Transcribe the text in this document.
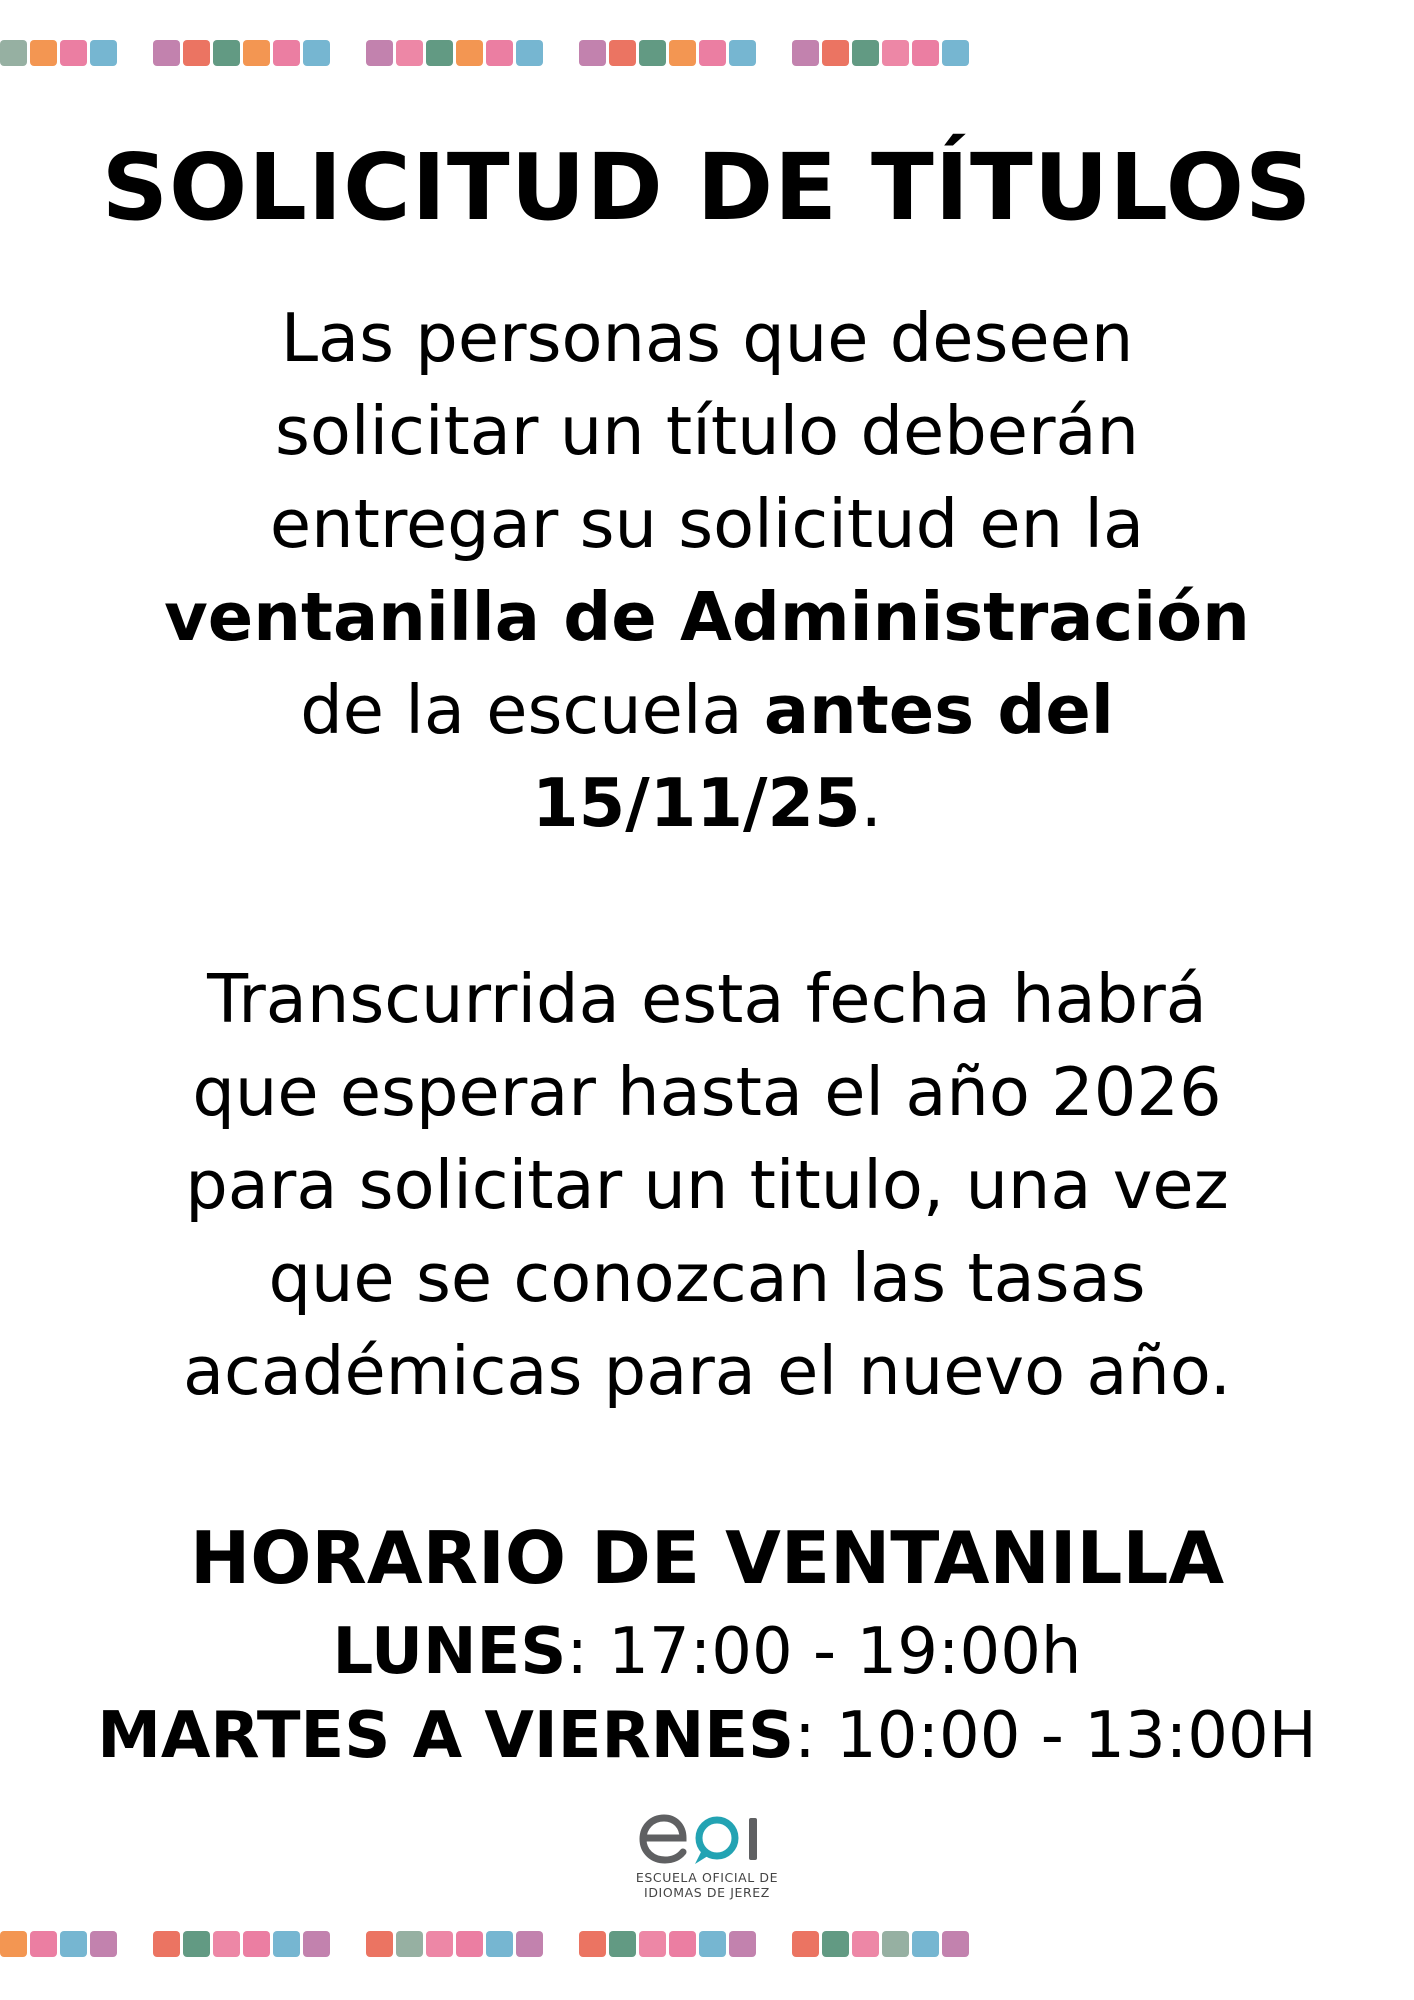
SOLICITUD DE TÍTULOS
Las personas que deseen
solicitar un título deberán
entregar su solicitud en la
ventanilla de Administración
de la escuela antes del
15/11/25.
Transcurrida esta fecha habrá
que esperar hasta el año 2026
para solicitar un titulo, una vez
que se conozcan las tasas
académicas para el nuevo año.
HORARIO DE VENTANILLA
LUNES: 17:00 - 19:00h
MARTES A VIERNES: 10:00 - 13:00H
ESCUELA OFICIAL DE
IDIOMAS DE JEREZ
